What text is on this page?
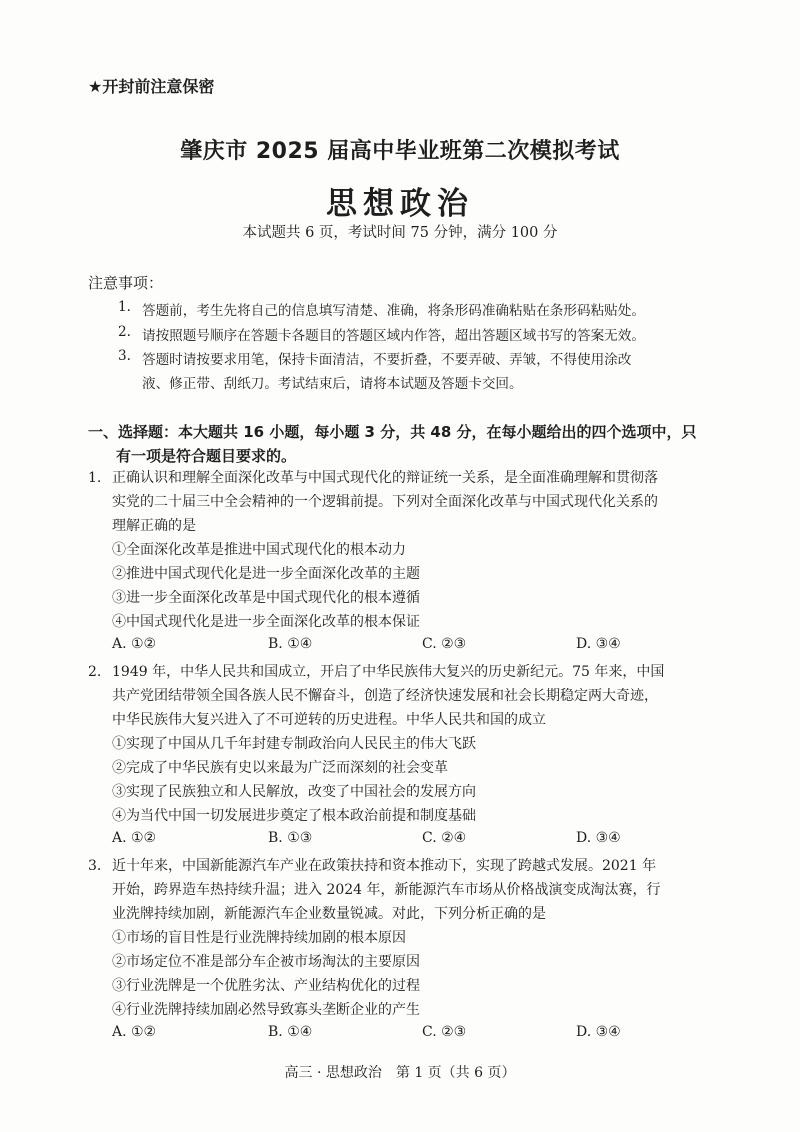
★开封前注意保密
肇庆市 2025 届高中毕业班第二次模拟考试
思想政治
本试题共 6 页，考试时间 75 分钟，满分 100 分
注意事项：
1. 答题前，考生先将自己的信息填写清楚、准确，将条形码准确粘贴在条形码粘贴处。
2. 请按照题号顺序在答题卡各题目的答题区域内作答，超出答题区域书写的答案无效。
3. 答题时请按要求用笔，保持卡面清洁，不要折叠，不要弄破、弄皱，不得使用涂改
液、修正带、刮纸刀。考试结束后，请将本试题及答题卡交回。
一、选择题：本大题共 16 小题，每小题 3 分，共 48 分，在每小题给出的四个选项中，只
有一项是符合题目要求的。
1. 正确认识和理解全面深化改革与中国式现代化的辩证统一关系，是全面准确理解和贯彻落
实党的二十届三中全会精神的一个逻辑前提。下列对全面深化改革与中国式现代化关系的
理解正确的是
①全面深化改革是推进中国式现代化的根本动力
②推进中国式现代化是进一步全面深化改革的主题
③进一步全面深化改革是中国式现代化的根本遵循
④中国式现代化是进一步全面深化改革的根本保证
A. ①②	B. ①④	C. ②③	D. ③④
2. 1949 年，中华人民共和国成立，开启了中华民族伟大复兴的历史新纪元。75 年来，中国
共产党团结带领全国各族人民不懈奋斗，创造了经济快速发展和社会长期稳定两大奇迹，
中华民族伟大复兴进入了不可逆转的历史进程。中华人民共和国的成立
①实现了中国从几千年封建专制政治向人民民主的伟大飞跃
②完成了中华民族有史以来最为广泛而深刻的社会变革
③实现了民族独立和人民解放，改变了中国社会的发展方向
④为当代中国一切发展进步奠定了根本政治前提和制度基础
A. ①②	B. ①③	C. ②④	D. ③④
3. 近十年来，中国新能源汽车产业在政策扶持和资本推动下，实现了跨越式发展。2021 年
开始，跨界造车热持续升温；进入 2024 年，新能源汽车市场从价格战演变成淘汰赛，行
业洗牌持续加剧，新能源汽车企业数量锐减。对此，下列分析正确的是
①市场的盲目性是行业洗牌持续加剧的根本原因
②市场定位不准是部分车企被市场淘汰的主要原因
③行业洗牌是一个优胜劣汰、产业结构优化的过程
④行业洗牌持续加剧必然导致寡头垄断企业的产生
A. ①②	B. ①④	C. ②③	D. ③④
高三 · 思想政治　第 1 页（共 6 页）
